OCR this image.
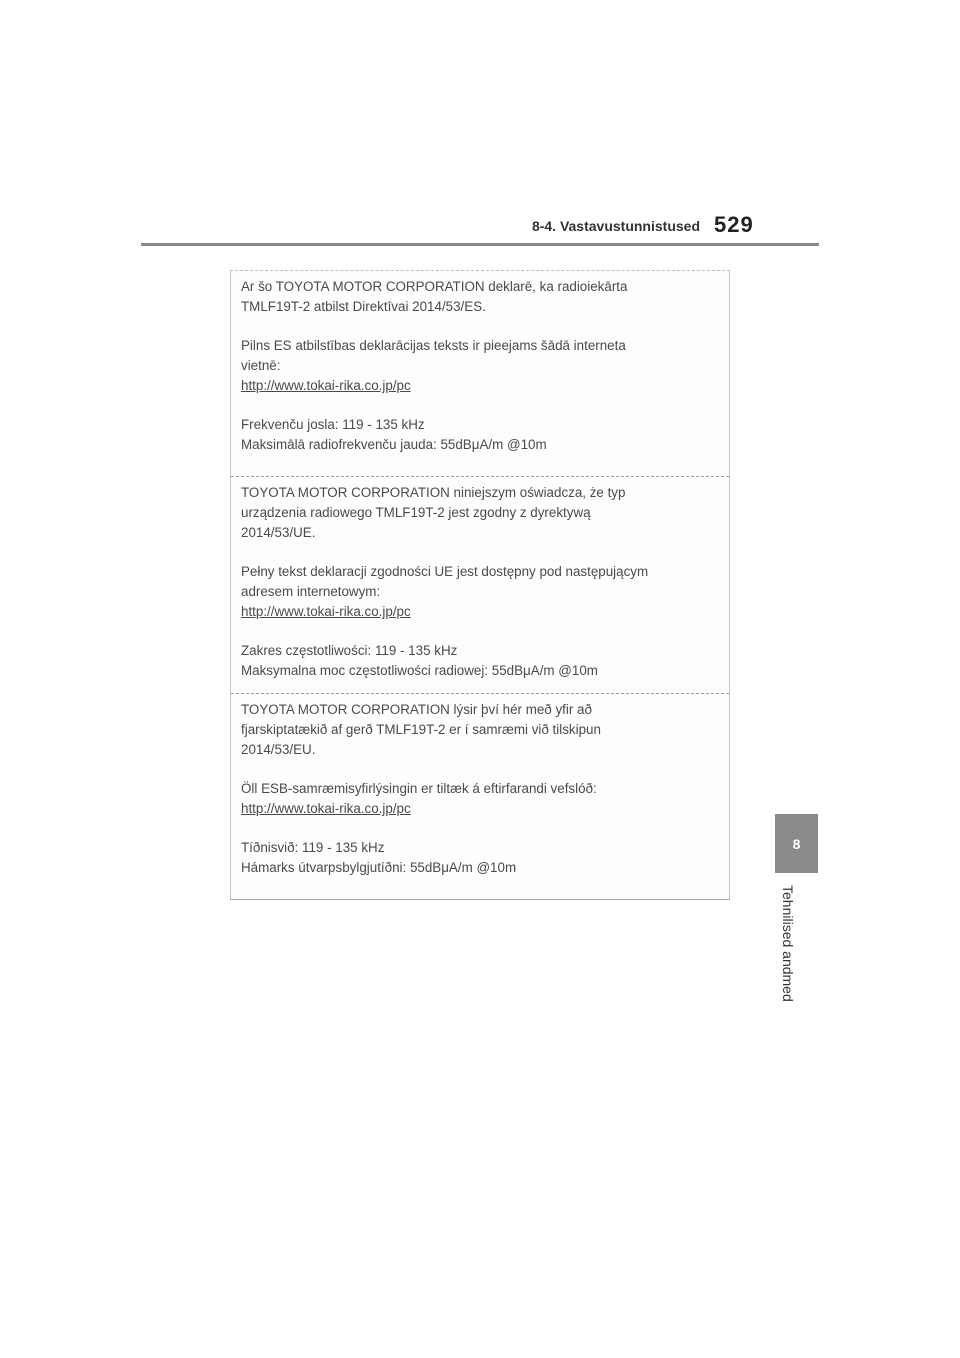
8-4. Vastavustunnistused 529
8
Tehnilised andmed

Ar šo TOYOTA MOTOR CORPORATION deklarē, ka radioiekārta

TMLF19T-2 atbilst Direktīvai 2014/53/ES.

Pilns ES atbilstības deklarācijas teksts ir pieejams šādā interneta

vietnē:

http://www.tokai-rika.co.jp/pc

Frekvenču josla: 119 - 135 kHz

Maksimālā radiofrekvenču jauda: 55dBμA/m @10m

TOYOTA MOTOR CORPORATION niniejszym oświadcza, że typ

urządzenia radiowego TMLF19T-2 jest zgodny z dyrektywą

2014/53/UE.

Pełny tekst deklaracji zgodności UE jest dostępny pod następującym

adresem internetowym:

http://www.tokai-rika.co.jp/pc

Zakres częstotliwości: 119 - 135 kHz

Maksymalna moc częstotliwości radiowej: 55dBμA/m @10m

TOYOTA MOTOR CORPORATION lýsir því hér með yfir að

fjarskiptatækið af gerð TMLF19T-2 er í samræmi við tilskipun

2014/53/EU.

Öll ESB-samræmisyfirlýsingin er tiltæk á eftirfarandi vefslóð:

http://www.tokai-rika.co.jp/pc

Tíðnisvið: 119 - 135 kHz

Hámarks útvarpsbylgjutíðni: 55dBμA/m @10m
